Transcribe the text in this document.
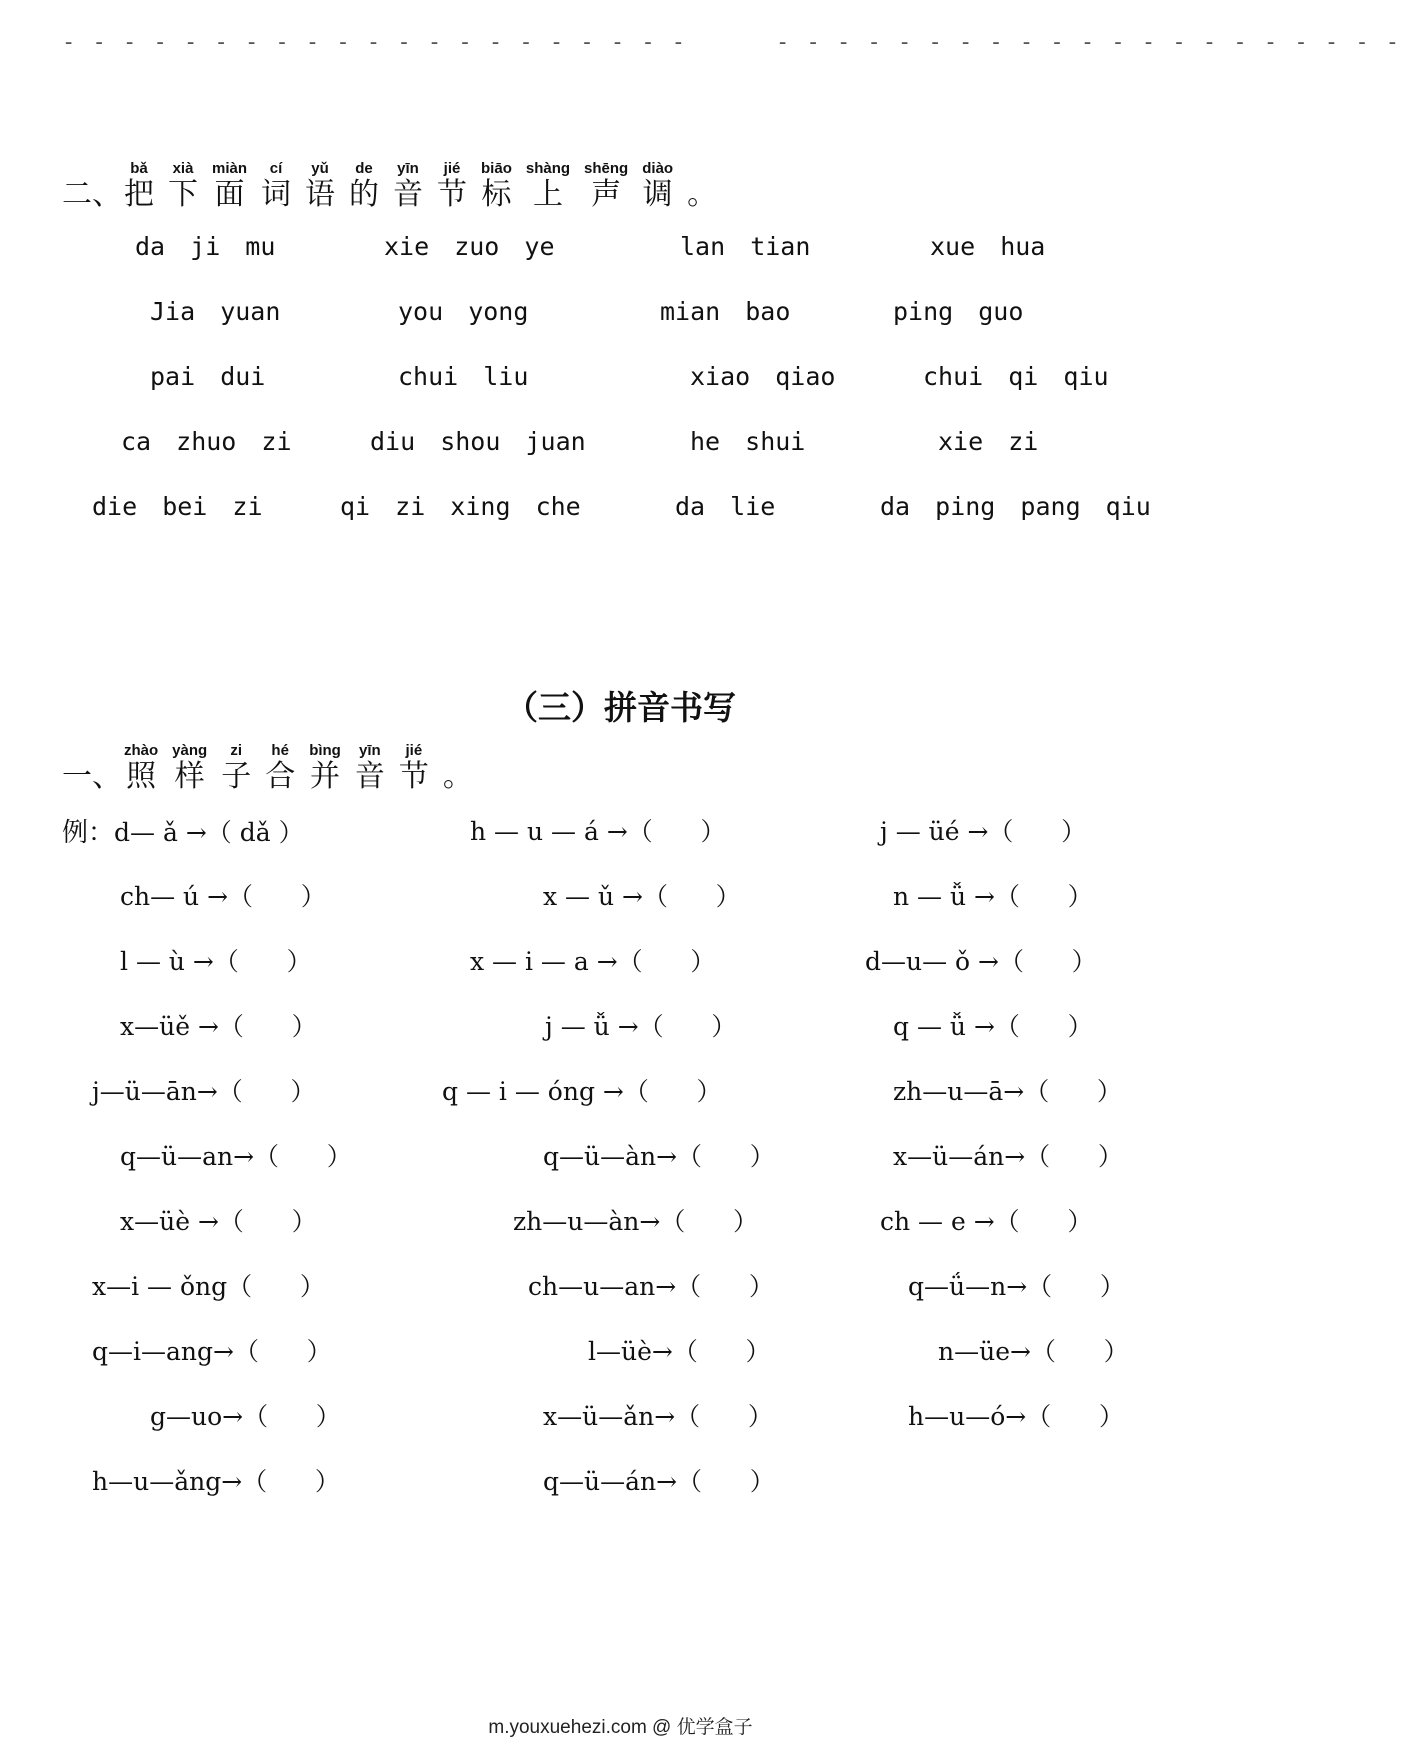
- - - - - - - - - - - - - - - - - - - - -	- - - - - - - - - - - - - - - - - - - - -
二、
bǎ
把
xià
下
miàn
面
cí
词
yǔ
语
de
的
yīn
音
jié
节
biāo
标
shàng
上
shēng
声
diào
调 。
da ji mu	xie zuo ye	lan tian	xue hua
Jia yuan	you yong	mian bao	ping guo
pai dui	chui liu	xiao qiao	chui qi qiu
ca zhuo zi	diu shou juan	he shui	xie zi
die bei zi	qi zi xing che	da lie	da ping pang qiu
（三）拼音书写
一、
zhào
照
yàng
样
zi
子
hé
合
bìng
并
yīn
音
jié
节 。
例：d— ǎ →（ dǎ ）	h — u — á →（      ）	j — üé →（      ）
ch— ú →（      ）	x — ǔ →（      ）	n — ǚ →（      ）
l — ù →（      ）	x — i — a →（      ）	d—u— ǒ →（      ）
x—üě →（      ）	j — ǚ →（      ）	q — ǚ →（      ）
j—ü—ān→（      ）	q — i — óng →（      ）	zh—u—ā→（      ）
q—ü—an→（      ）	q—ü—àn→（      ）	x—ü—án→（      ）
x—üè →（      ）	zh—u—àn→（      ）	ch — e →（      ）
x—i — ǒng（      ）	ch—u—an→（      ）	q—ǘ—n→（      ）
q—i—ang→（      ）	l—üè→（      ）	n—üe→（      ）
g—uo→（      ）	x—ü—ǎn→（      ）	h—u—ó→（      ）
h—u—ǎng→（      ）	q—ü—án→（      ）
m.youxuehezi.com @ 优学盒子
